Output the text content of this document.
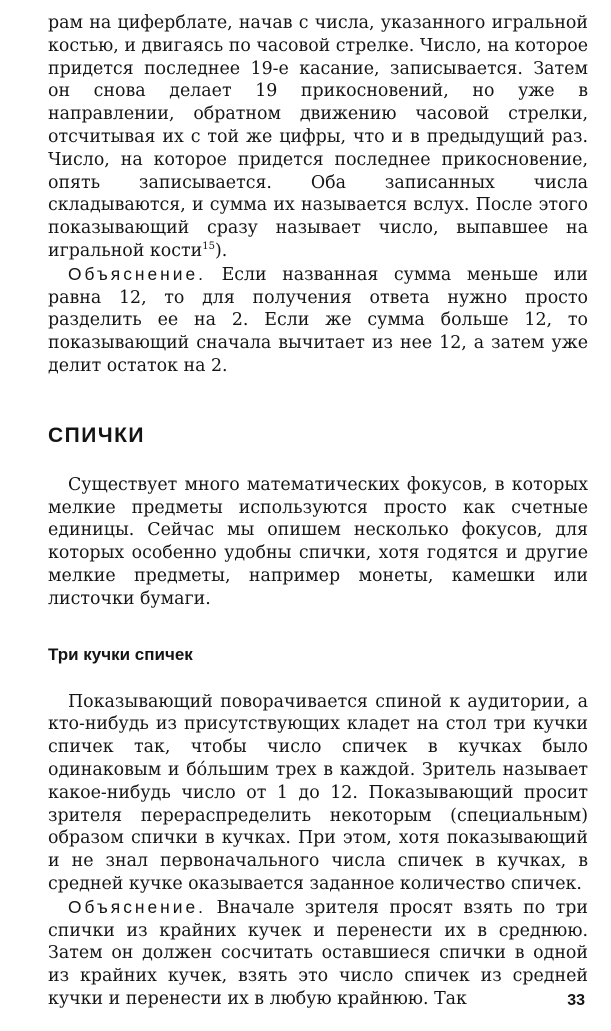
рам на циферблате, начав с числа, указанного игральной костью, и двигаясь по часовой стрелке. Число, на которое придется последнее 19-е касание, записывается. Затем он снова делает 19 прикосновений, но уже в направлении, обратном движению часовой стрелки, отсчитывая их с той же цифры, что и в предыдущий раз. Число, на которое придется последнее прикосновение, опять записывается. Оба записанных числа складываются, и сумма их называется вслух. После этого показывающий сразу называет число, выпавшее на игральной кости$^{15}$).

Объяснение. Если названная сумма меньше или равна 12, то для получения ответа нужно просто разделить ее на 2. Если же сумма больше 12, то показывающий сначала вычитает из нее 12, а затем уже делит остаток на 2.

СПИЧКИ

Существует много математических фокусов, в которых мелкие предметы используются просто как счетные единицы. Сейчас мы опишем несколько фокусов, для которых особенно удобны спички, хотя годятся и другие мелкие предметы, например монеты, камешки или листочки бумаги.

Три кучки спичек

Показывающий поворачивается спиной к аудитории, а кто-нибудь из присутствующих кладет на стол три кучки спичек так, чтобы число спичек в кучках было одинаковым и бóльшим трех в каждой. Зритель называет какое-нибудь число от 1 до 12. Показывающий просит зрителя перераспределить некоторым (специальным) образом спички в кучках. При этом, хотя показывающий и не знал первоначального числа спичек в кучках, в средней кучке оказывается заданное количество спичек.

Объяснение. Вначале зрителя просят взять по три спички из крайних кучек и перенести их в среднюю. Затем он должен сосчитать оставшиеся спички в одной из крайних кучек, взять это число спичек из средней кучки и перенести их в любую крайнюю. Так	33
